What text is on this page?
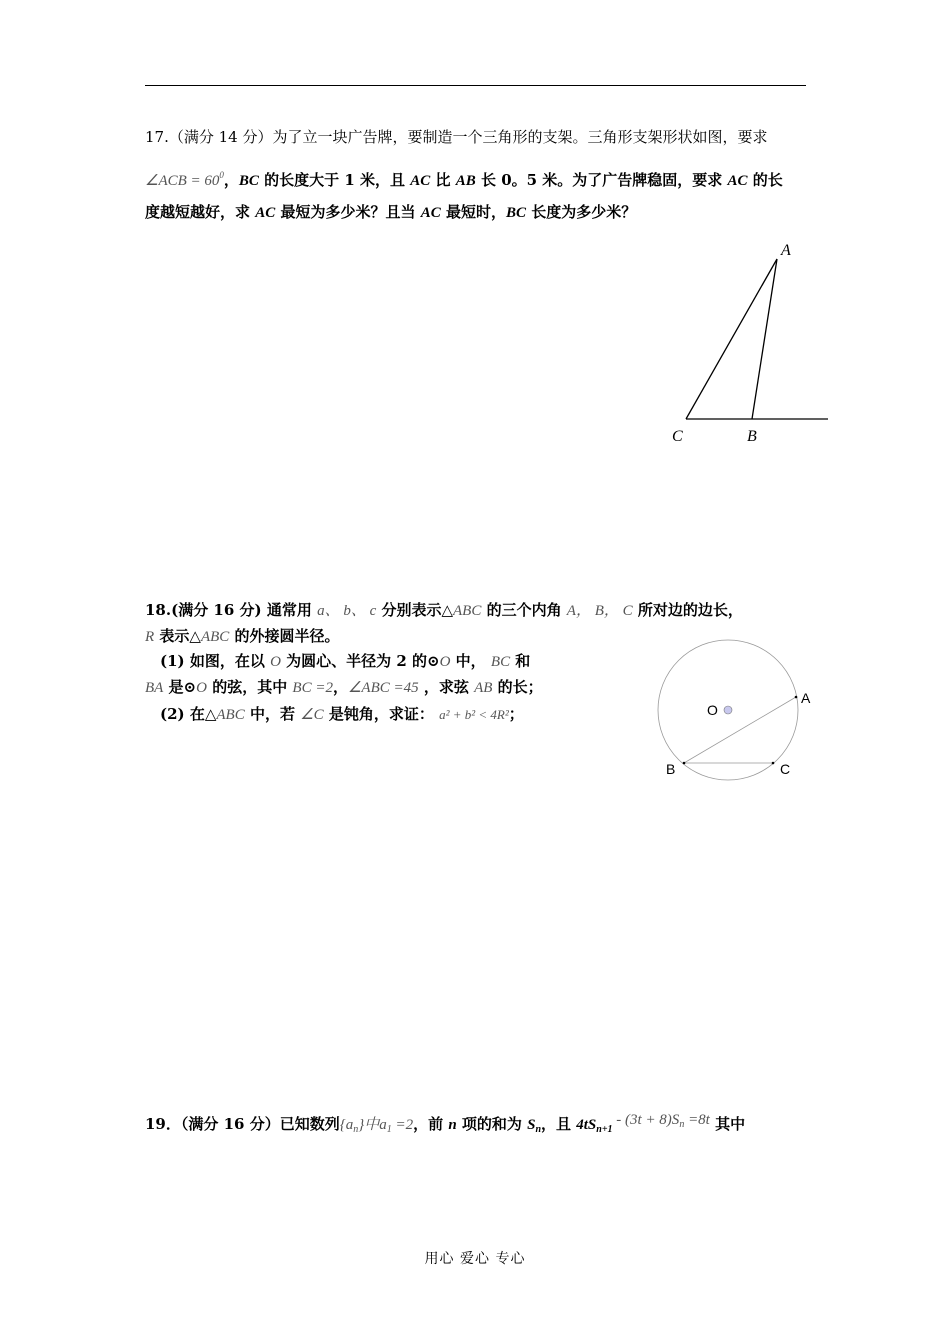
17.（满分 14 分）为了立一块广告牌，要制造一个三角形的支架。三角形支架形状如图，要求
∠ACB = $60^0$，BC 的长度大于 1 米，且 AC 比 AB 长 0。5 米。为了广告牌稳固，要求 AC 的长
度越短越好，求 AC 最短为多少米？且当 AC 最短时，BC 长度为多少米？
A
C	B
18.(满分 16 分) 通常用 a、 b、 c 分别表示△ABC 的三个内角 A， B， C 所对边的边长，
R 表示△ABC 的外接圆半径。
(1) 如图，在以 O 为圆心、半径为 2 的⊙O 中， BC 和
BA 是⊙O 的弦，其中 BC =2，∠ABC =45 ，求弦 AB 的长；
(2) 在△ABC 中，若 ∠C 是钝角，求证： a² + b² < 4R²；	O
A
B	C
19．（满分 16 分）已知数列$\{a_n\}$中$a_1 =2$，前 n 项的和为 $S_n$，且 $4tS_{n+1} - (3t + 8)S_n =8t$ 其中
用心 爱心 专心
